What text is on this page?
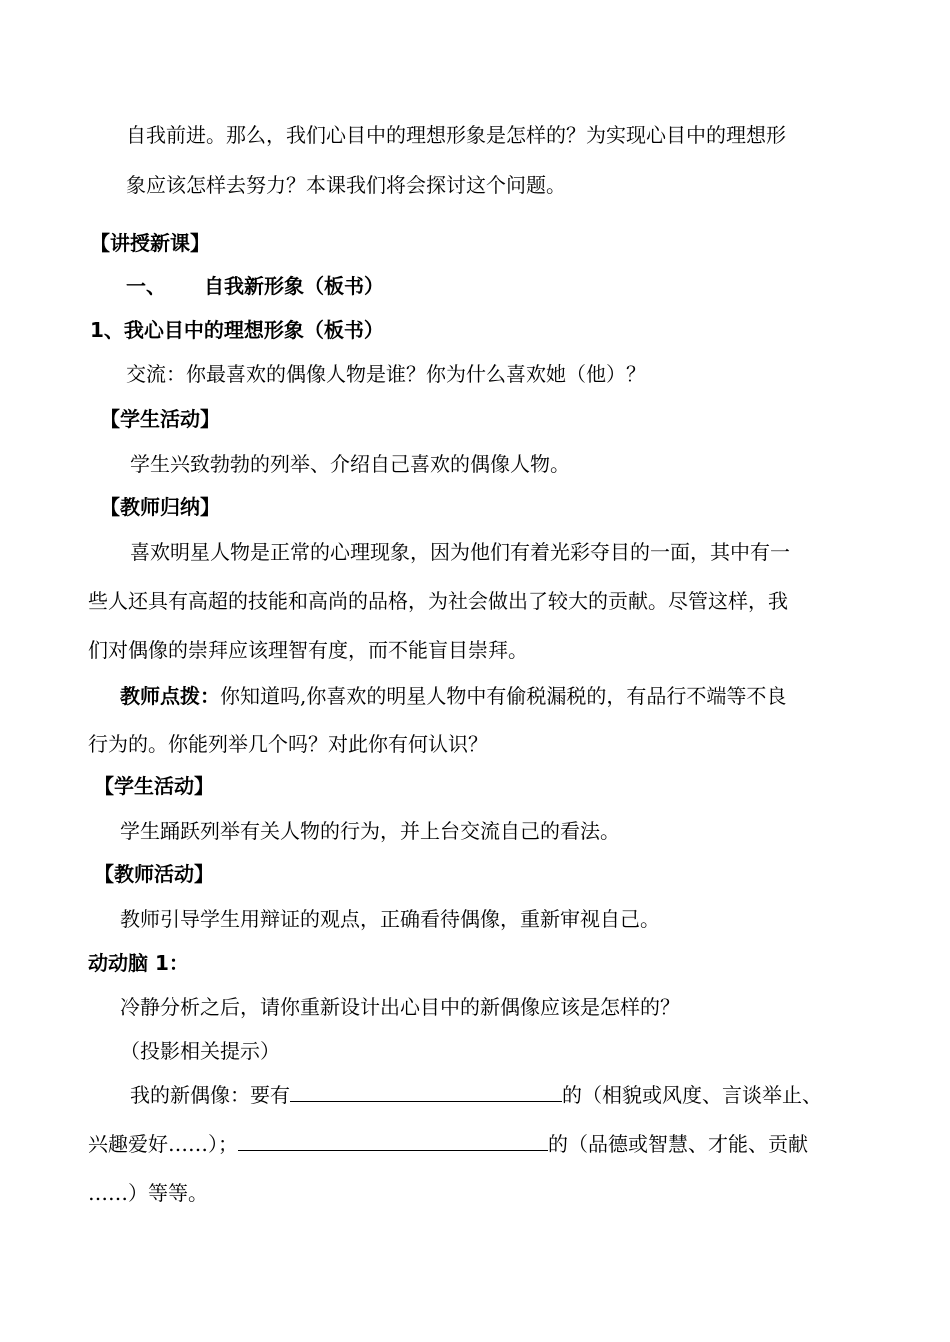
自我前进。那么，我们心目中的理想形象是怎样的？为实现心目中的理想形
象应该怎样去努力？本课我们将会探讨这个问题。
【讲授新课】
一、 自我新形象（板书）
1、我心目中的理想形象（板书）
交流：你最喜欢的偶像人物是谁？你为什么喜欢她（他）？
【学生活动】
学生兴致勃勃的列举、介绍自己喜欢的偶像人物。
【教师归纳】
喜欢明星人物是正常的心理现象，因为他们有着光彩夺目的一面，其中有一
些人还具有高超的技能和高尚的品格，为社会做出了较大的贡献。尽管这样，我
们对偶像的崇拜应该理智有度，而不能盲目崇拜。
教师点拨：你知道吗,你喜欢的明星人物中有偷税漏税的，有品行不端等不良
行为的。你能列举几个吗？对此你有何认识？
【学生活动】
学生踊跃列举有关人物的行为，并上台交流自己的看法。
【教师活动】
教师引导学生用辩证的观点，正确看待偶像，重新审视自己。
动动脑 1：
冷静分析之后，请你重新设计出心目中的新偶像应该是怎样的？
（投影相关提示）
我的新偶像：要有	的（相貌或风度、言谈举止、
兴趣爱好……）；	的（品德或智慧、才能、贡献
……）等等。
